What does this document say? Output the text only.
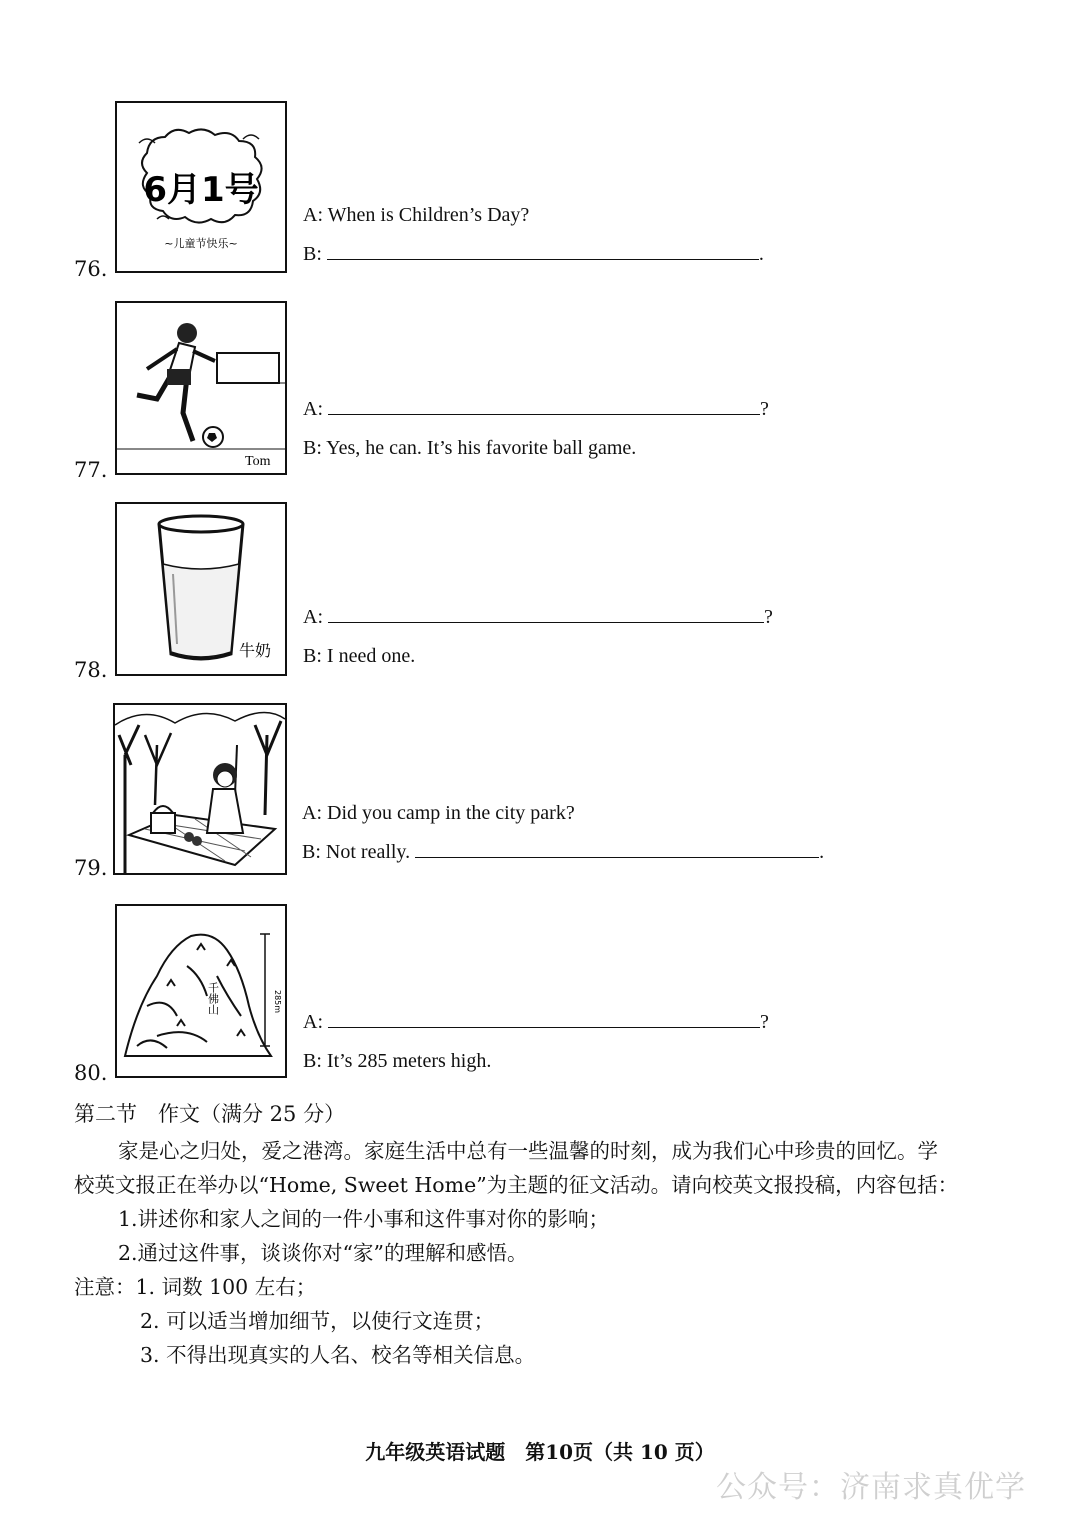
6月1号
~儿童节快乐~
76.
A: When is Children’s Day?
B:	.
Tom
77.
A:	?
B: Yes, he can. It’s his favorite ball game.
牛奶
78.
A:	?
B: I need one.
79.
A: Did you camp in the city park?
B: Not really.	.
285m
千佛山
80.
A:	?
B: It’s 285 meters high.
第二节　作文（满分 25 分）
家是心之归处，爱之港湾。家庭生活中总有一些温馨的时刻，成为我们心中珍贵的回忆。学
校英文报正在举办以“Home, Sweet Home”为主题的征文活动。请向校英文报投稿，内容包括：
1.讲述你和家人之间的一件小事和这件事对你的影响；
2.通过这件事，谈谈你对“家”的理解和感悟。
注意：1. 词数 100 左右；
2. 可以适当增加细节，以使行文连贯；
3. 不得出现真实的人名、校名等相关信息。
九年级英语试题　第10页（共 10 页）
公众号：济南求真优学
